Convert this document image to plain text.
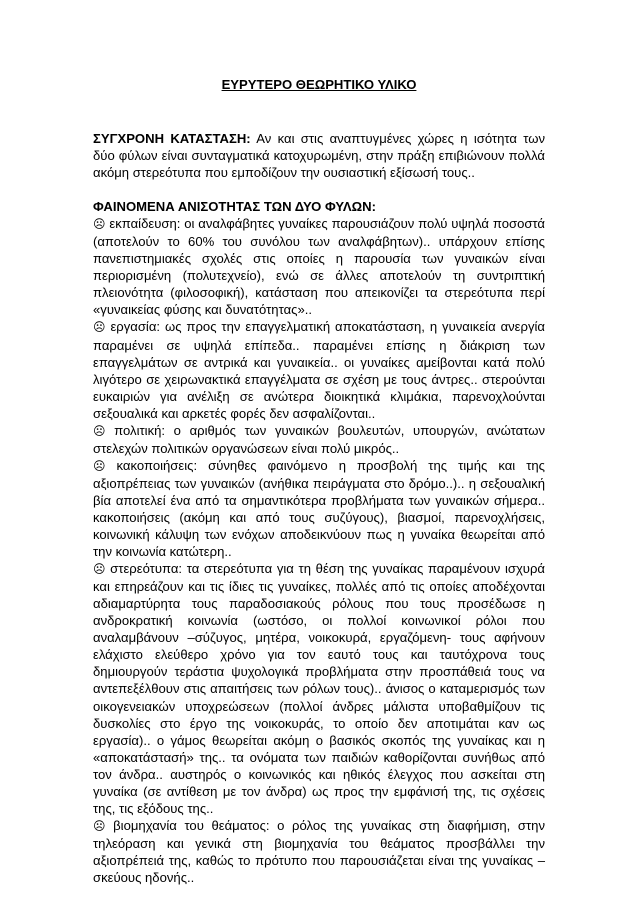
ΕΥΡΥΤΕΡΟ ΘΕΩΡΗΤΙΚΟ ΥΛΙΚΟ

ΣΥΓΧΡΟΝΗ ΚΑΤΑΣΤΑΣΗ: Αν και στις αναπτυγμένες χώρες η ισότητα των δύο φύλων είναι συνταγματικά κατοχυρωμένη, στην πράξη επιβιώνουν πολλά ακόμη στερεότυπα που εμποδίζουν την ουσιαστική εξίσωσή τους..

ΦΑΙΝΟΜΕΝΑ ΑΝΙΣΟΤΗΤΑΣ ΤΩΝ ΔΥΟ ΦΥΛΩΝ:

☹ εκπαίδευση: οι αναλφάβητες γυναίκες παρουσιάζουν πολύ υψηλά ποσοστά (αποτελούν το 60% του συνόλου των αναλφάβητων).. υπάρχουν επίσης πανεπιστημιακές σχολές στις οποίες η παρουσία των γυναικών είναι περιορισμένη (πολυτεχνείο), ενώ σε άλλες αποτελούν τη συντριπτική πλειονότητα (φιλοσοφική), κατάσταση που απεικονίζει τα στερεότυπα περί «γυναικείας φύσης και δυνατότητας»..

☹ εργασία: ως προς την επαγγελματική αποκατάσταση, η γυναικεία ανεργία παραμένει σε υψηλά επίπεδα.. παραμένει επίσης η διάκριση των επαγγελμάτων σε αντρικά και γυναικεία.. οι γυναίκες αμείβονται κατά πολύ λιγότερο σε χειρωνακτικά επαγγέλματα σε σχέση με τους άντρες.. στερούνται ευκαιριών για ανέλιξη σε ανώτερα διοικητικά κλιμάκια, παρενοχλούνται σεξουαλικά και αρκετές φορές δεν ασφαλίζονται..

☹ πολιτική: ο αριθμός των γυναικών βουλευτών, υπουργών, ανώτατων στελεχών πολιτικών οργανώσεων είναι πολύ μικρός..

☹ κακοποιήσεις: σύνηθες φαινόμενο η προσβολή της τιμής και της αξιοπρέπειας των γυναικών (ανήθικα πειράγματα στο δρόμο..).. η σεξουαλική βία αποτελεί ένα από τα σημαντικότερα προβλήματα των γυναικών σήμερα.. κακοποιήσεις (ακόμη και από τους συζύγους), βιασμοί, παρενοχλήσεις, κοινωνική κάλυψη των ενόχων αποδεικνύουν πως η γυναίκα θεωρείται από την κοινωνία κατώτερη..

☹ στερεότυπα: τα στερεότυπα για τη θέση της γυναίκας παραμένουν ισχυρά και επηρεάζουν και τις ίδιες τις γυναίκες, πολλές από τις οποίες αποδέχονται αδιαμαρτύρητα τους παραδοσιακούς ρόλους που τους προσέδωσε η ανδροκρατική κοινωνία (ωστόσο, οι πολλοί κοινωνικοί ρόλοι που αναλαμβάνουν –σύζυγος, μητέρα, νοικοκυρά, εργαζόμενη- τους αφήνουν ελάχιστο ελεύθερο χρόνο για τον εαυτό τους και ταυτόχρονα τους δημιουργούν τεράστια ψυχολογικά προβλήματα στην προσπάθειά τους να αντεπεξέλθουν στις απαιτήσεις των ρόλων τους).. άνισος ο καταμερισμός των οικογενειακών υποχρεώσεων (πολλοί άνδρες μάλιστα υποβαθμίζουν τις δυσκολίες στο έργο της νοικοκυράς, το οποίο δεν αποτιμάται καν ως εργασία).. ο γάμος θεωρείται ακόμη ο βασικός σκοπός της γυναίκας και η «αποκατάστασή» της.. τα ονόματα των παιδιών καθορίζονται συνήθως από τον άνδρα.. αυστηρός ο κοινωνικός και ηθικός έλεγχος που ασκείται στη γυναίκα (σε αντίθεση με τον άνδρα) ως προς την εμφάνισή της, τις σχέσεις της, τις εξόδους της..

☹ βιομηχανία του θεάματος: ο ρόλος της γυναίκας στη διαφήμιση, στην τηλεόραση και γενικά στη βιομηχανία του θεάματος προσβάλλει την αξιοπρέπειά της, καθώς το πρότυπο που παρουσιάζεται είναι της γυναίκας – σκεύους ηδονής..
